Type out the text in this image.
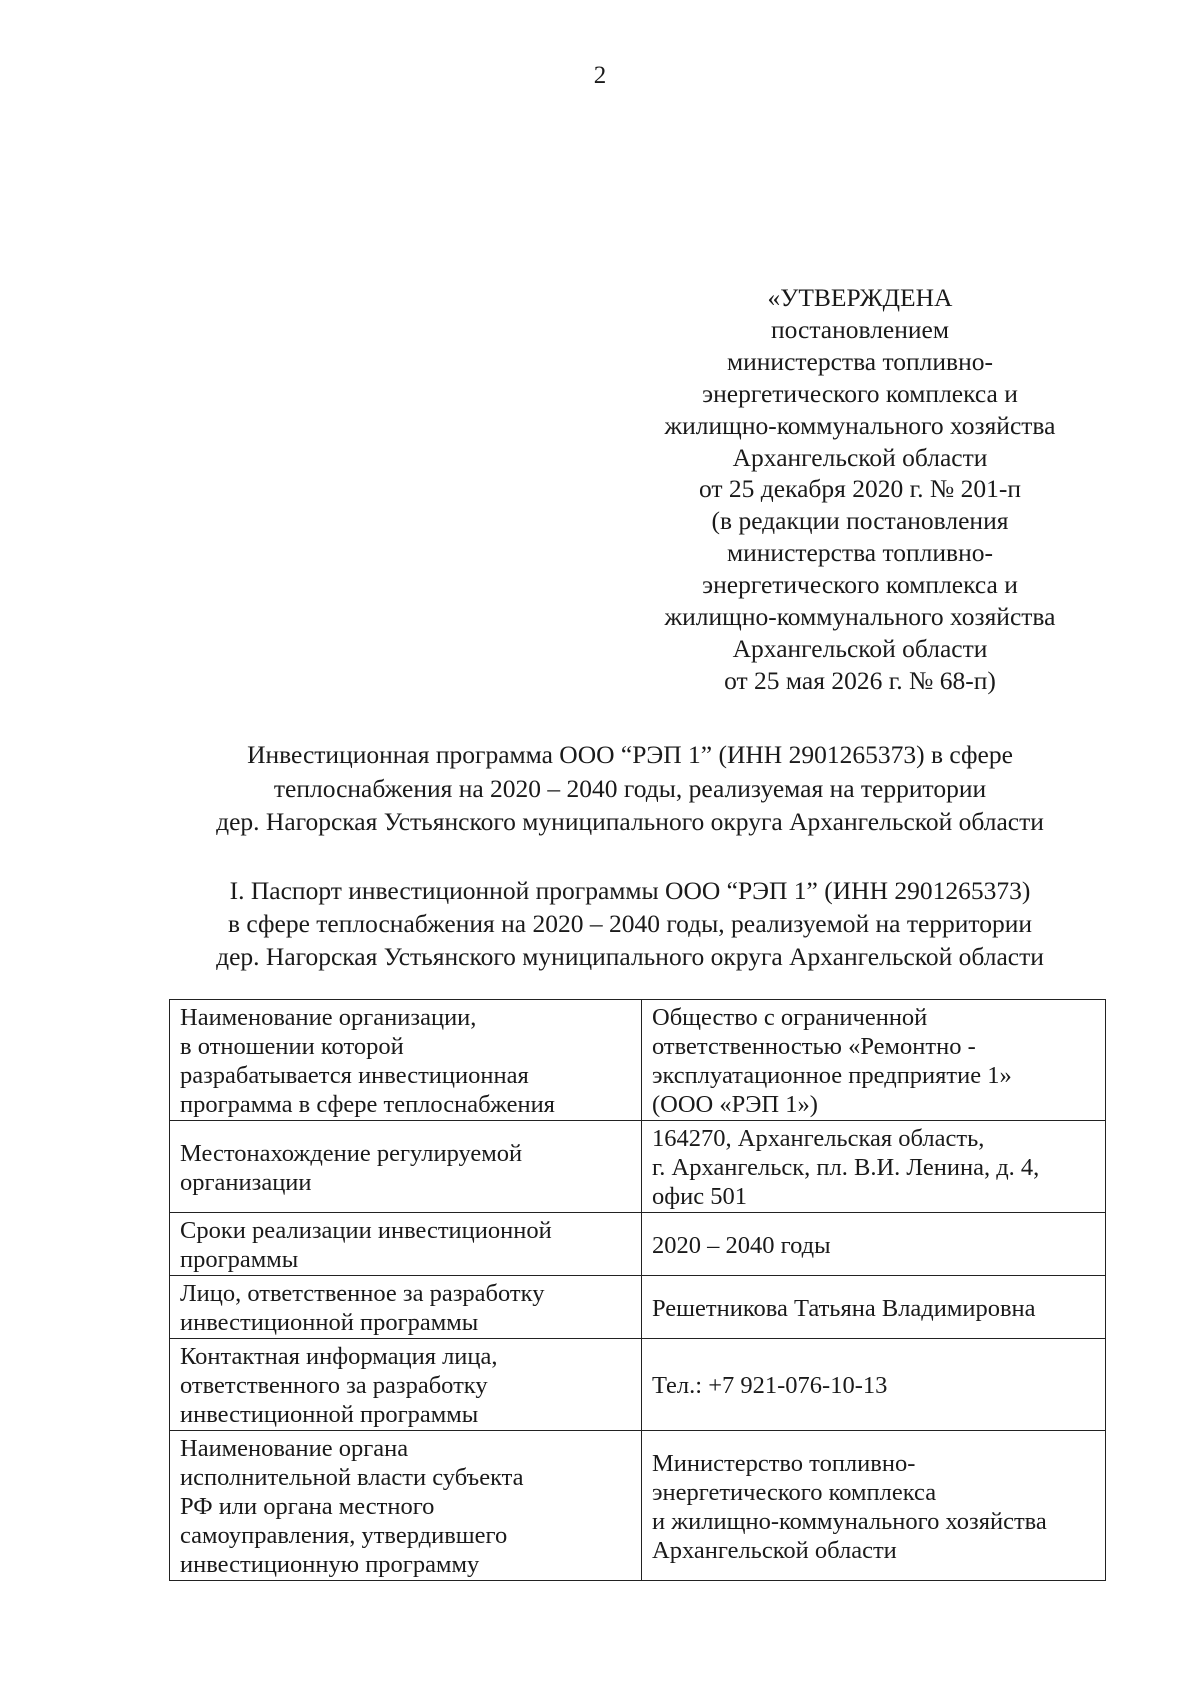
2
«УТВЕРЖДЕНА
постановлением
министерства топливно-
энергетического комплекса и
жилищно-коммунального хозяйства
Архангельской области
от 25 декабря 2020 г. № 201-п
(в редакции постановления
министерства топливно-
энергетического комплекса и
жилищно-коммунального хозяйства
Архангельской области
от 25 мая 2026 г. № 68-п)
Инвестиционная программа ООО “РЭП 1” (ИНН 2901265373) в сфере
теплоснабжения на 2020 – 2040 годы, реализуемая на территории
дер. Нагорская Устьянского муниципального округа Архангельской области
I. Паспорт инвестиционной программы ООО “РЭП 1” (ИНН 2901265373)
в сфере теплоснабжения на 2020 – 2040 годы, реализуемой на территории
дер. Нагорская Устьянского муниципального округа Архангельской области
Наименование организации,
в отношении которой
разрабатывается инвестиционная
программа в сфере теплоснабжения	Общество с ограниченной
ответственностью «Ремонтно -
эксплуатационное предприятие 1»
(ООО «РЭП 1»)

Местонахождение регулируемой
организации	164270, Архангельская область,
г. Архангельск, пл. В.И. Ленина, д. 4,
офис 501

Сроки реализации инвестиционной
программы	2020 – 2040 годы

Лицо, ответственное за разработку
инвестиционной программы	Решетникова Татьяна Владимировна

Контактная информация лица,
ответственного за разработку
инвестиционной программы	Тел.: +7 921-076-10-13

Наименование органа
исполнительной власти субъекта
РФ или органа местного
самоуправления, утвердившего
инвестиционную программу	Министерство топливно-
энергетического комплекса
и жилищно-коммунального хозяйства
Архангельской области
